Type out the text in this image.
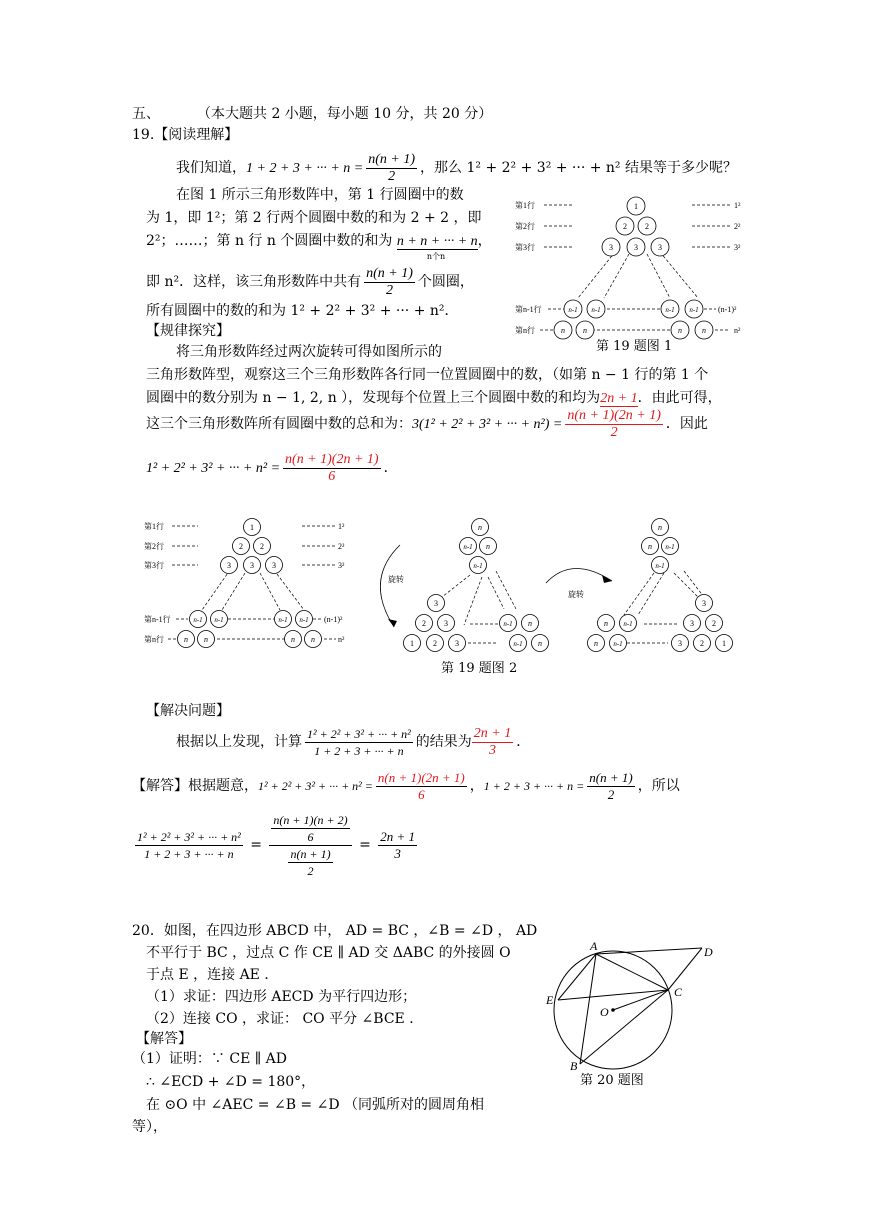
五、	（本大题共 2 小题，每小题 10 分，共 20 分）
19.【阅读理解】
我们知道，1 + 2 + 3 + ··· + $n = \frac{n(n + 1)}{2}$ ，那么 1² + 2² + 3² + ··· + n² 结果等于多少呢？
在图 1 所示三角形数阵中，第 1 行圆圈中的数
为 1，即 1²；第 2 行两个圆圈中数的和为 2 + 2 ，即
2²；……；第 n 行 n 个圆圈中数的和为 n + n + ··· + n
n个n
，
即 n²．这样，该三角形数阵中共有 $\frac{n(n + 1)}{2}$ 个圆圈，
所有圆圈中的数的和为 1² + 2² + 3² + ··· + n²．
【规律探究】
将三角形数阵经过两次旋转可得如图所示的
三角形数阵型，观察这三个三角形数阵各行同一位置圆圈中的数，（如第 n − 1 行的第 1 个
圆圈中的数分别为 n − 1, 2, n ），发现每个位置上三个圆圈中数的和均为2n + 1．由此可得，
这三个三角形数阵所有圆圈中数的总和为：3(1² + 2² + 3² + ··· + $n^2) = \frac{n(n + 1)(2n + 1)}{2}$ ．因此
1² + 2² + 3² + ··· + $n^2 = \frac{n(n + 1)(2n + 1)}{6}$ ．
第1行
第2行
第3行
第n-1行
第n行
1²
2²
3²
(n-1)²
n²
1
2 2
3	3	3
n-1 n-1	n-1 n-1
n n	n	n
第 19 题图 1
第1行
第2行
第3行
第n-1行
第n行
1²
2²
3²
(n-1)²
n²
1
2 2
3 3 3
n-1 n-1	n-1 n-1
n n	n n
旋转
n
n-1 n
n-1
3
2 3
1 2 3
n-1 n
n-1 n
旋转
n
n n-1
n-1
3
3 2
3 2 1
n n-1
n n-1
第 19 题图 2
【解决问题】
根据以上发现，计算 $\frac{\text{1² + 2² + 3² + ··· + n²}}{1 + 2 + 3 + \cdot\cdot\cdot + n}$ 的结果为 $\frac{2n + 1}{3}$ ．
【解答】根据题意，1² + 2² + 3² + ··· + $n^2 = \frac{n(n + 1)(2n + 1)}{6}$ ，1 + 2 + 3 + ··· + $n = \frac{n(n + 1)}{2}$ ，所以
$\frac{\text{1² + 2² + 3² + ··· + n²}}{1 + 2 + 3 + \cdot\cdot\cdot + n} = \frac{\frac{n(n + 1)(n + 2)}{6}}{\frac{n(n + 1)}{2}} = \frac{2n + 1}{3}$
20．如图，在四边形 ABCD 中， AD = BC ，∠B = ∠D ， AD
不平行于 BC ，过点 C 作 CE ∥ AD 交 ΔABC 的外接圆 O
于点 E ，连接 AE ．
（1）求证：四边形 AECD 为平行四边形；
（2）连接 CO ，求证： CO 平分 ∠BCE ．
【解答】
（1）证明：∵ CE ∥ AD
∴ ∠ECD + ∠D = 180°，
在 ⊙O 中 ∠AEC = ∠B = ∠D （同弧所对的圆周角相
等），
A	D
C
E
O
B
第 20 题图
